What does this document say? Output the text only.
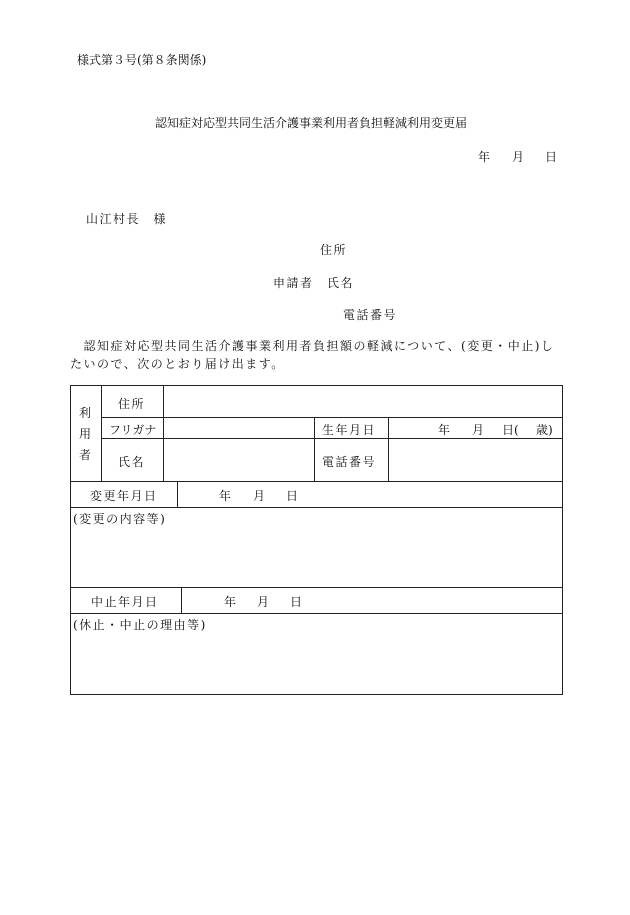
様式第３号(第８条関係)
認知症対応型共同生活介護事業利用者負担軽減利用変更届
年 月 日
山江村長　様
住所
申請者　氏名
電話番号
　認知症対応型共同生活介護事業利用者負担額の軽減について、(変更・中止)したいので、次のとおり届け出ます。
利
用
者
住所
フリガナ	生年月日	年 月 日( 歳)
氏名	電話番号
変更年月日	年 月 日
(変更の内容等)
中止年月日	年 月 日
(休止・中止の理由等)
